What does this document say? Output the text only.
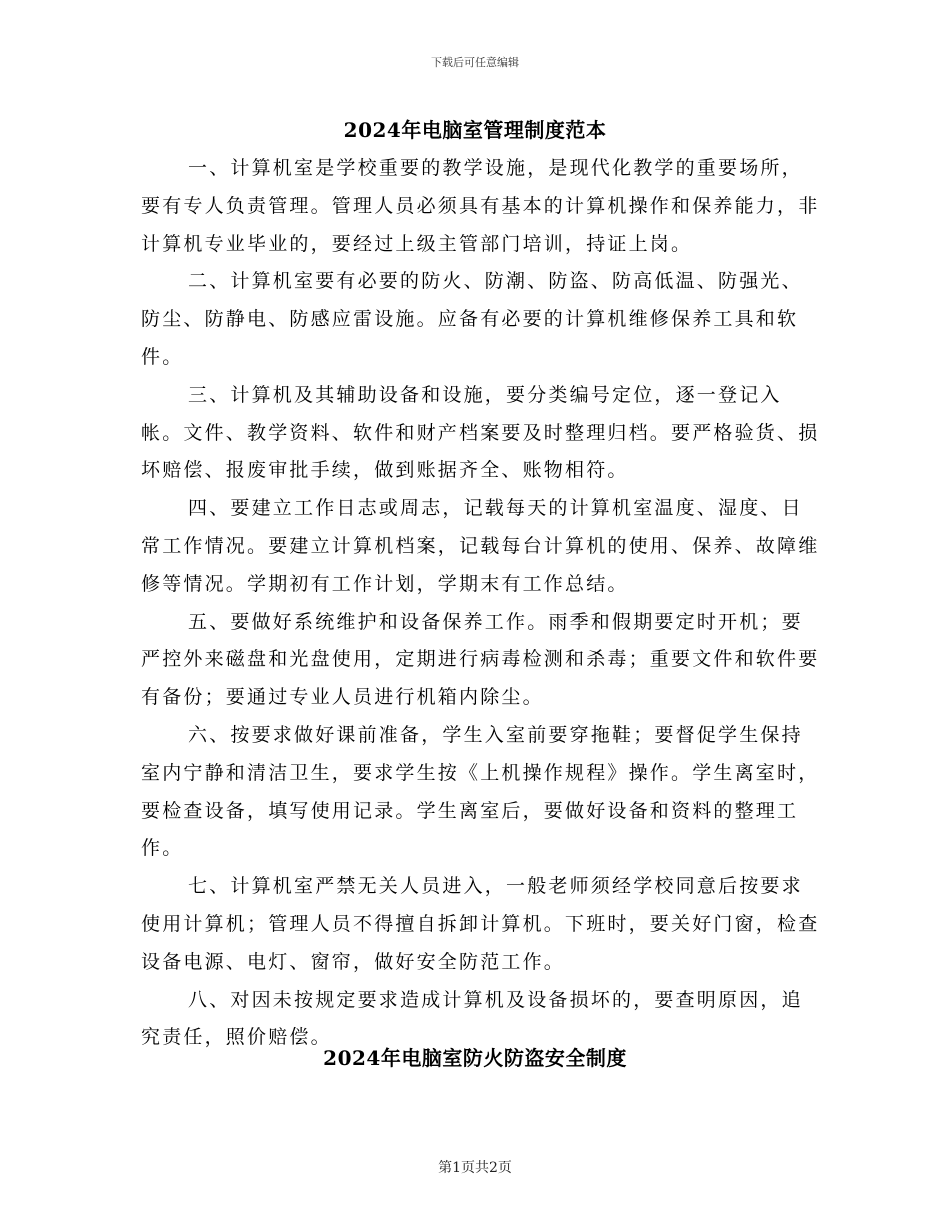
下载后可任意编辑
2024年电脑室管理制度范本

一、计算机室是学校重要的教学设施，是现代化教学的重要场所，要有专人负责管理。管理人员必须具有基本的计算机操作和保养能力，非计算机专业毕业的，要经过上级主管部门培训，持证上岗。

二、计算机室要有必要的防火、防潮、防盗、防高低温、防强光、防尘、防静电、防感应雷设施。应备有必要的计算机维修保养工具和软件。

三、计算机及其辅助设备和设施，要分类编号定位，逐一登记入帐。文件、教学资料、软件和财产档案要及时整理归档。要严格验货、损坏赔偿、报废审批手续，做到账据齐全、账物相符。

四、要建立工作日志或周志，记载每天的计算机室温度、湿度、日常工作情况。要建立计算机档案，记载每台计算机的使用、保养、故障维修等情况。学期初有工作计划，学期末有工作总结。

五、要做好系统维护和设备保养工作。雨季和假期要定时开机；要严控外来磁盘和光盘使用，定期进行病毒检测和杀毒；重要文件和软件要有备份；要通过专业人员进行机箱内除尘。

六、按要求做好课前准备，学生入室前要穿拖鞋；要督促学生保持室内宁静和清洁卫生，要求学生按《上机操作规程》操作。学生离室时，要检查设备，填写使用记录。学生离室后，要做好设备和资料的整理工作。

七、计算机室严禁无关人员进入，一般老师须经学校同意后按要求使用计算机；管理人员不得擅自拆卸计算机。下班时，要关好门窗，检查设备电源、电灯、窗帘，做好安全防范工作。

八、对因未按规定要求造成计算机及设备损坏的，要查明原因，追究责任，照价赔偿。

2024年电脑室防火防盗安全制度
第1页共2页
